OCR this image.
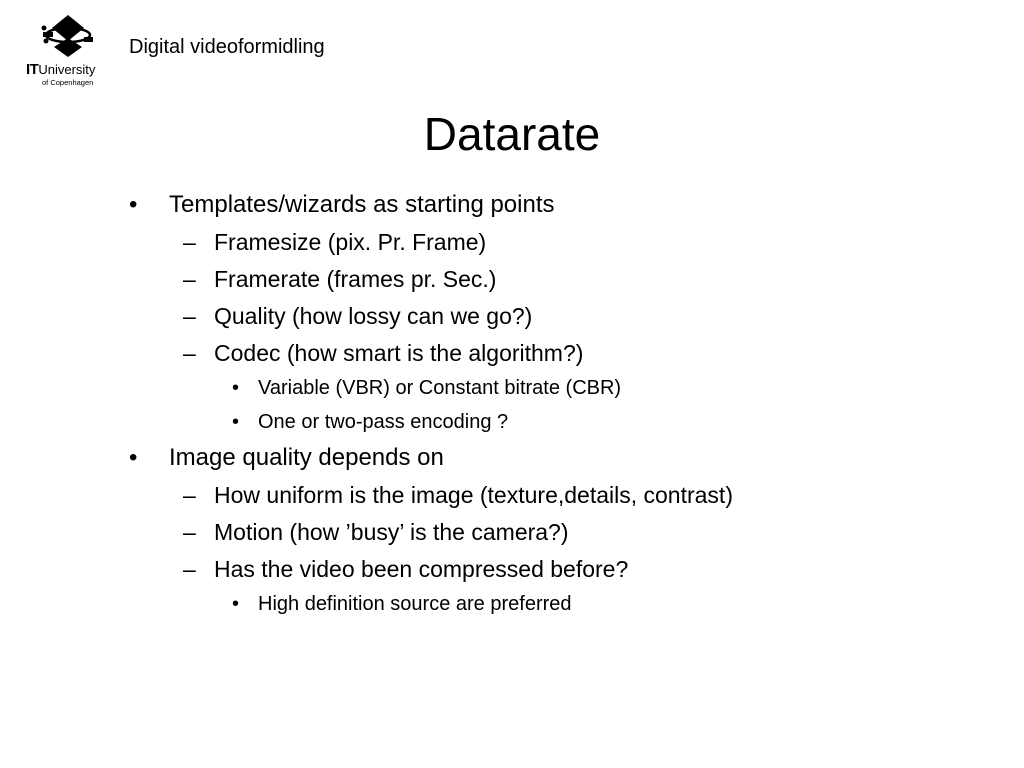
ITUniversity
of Copenhagen
Digital videoformidling
Datarate
• Templates/wizards as starting points
– Framesize (pix. Pr. Frame)
– Framerate (frames pr. Sec.)
– Quality (how lossy can we go?)
– Codec (how smart is the algorithm?)
• Variable (VBR) or Constant bitrate (CBR)
• One or two-pass encoding ?
• Image quality depends on
– How uniform is the image (texture,details, contrast)
– Motion (how ’busy’ is the camera?)
– Has the video been compressed before?
• High definition source are preferred
